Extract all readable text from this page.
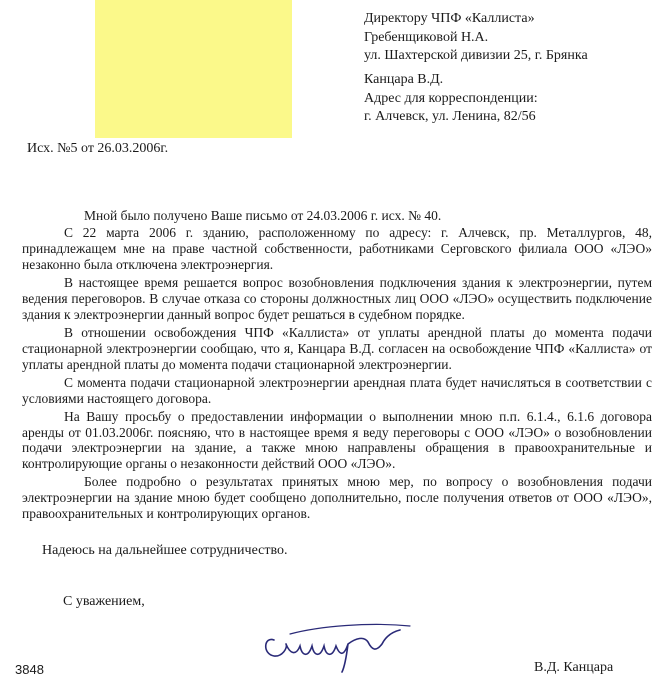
Директору ЧПФ «Каллиста»
Гребенщиковой Н.А.
ул. Шахтерской дивизии 25, г. Брянка
Канцара В.Д.
Адрес для корреспонденции:
г. Алчевск, ул. Ленина, 82/56
Исх. №5 от 26.03.2006г.

Мной было получено Ваше письмо от 24.03.2006 г. исх. № 40.

С 22 марта 2006 г. зданию, расположенному по адресу: г. Алчевск, пр. Металлургов, 48, принадлежащем мне на праве частной собственности, работниками Серговского филиала ООО «ЛЭО» незаконно была отключена электроэнергия.

В настоящее время решается вопрос возобновления подключения здания к электроэнергии, путем ведения переговоров. В случае отказа со стороны должностных лиц ООО «ЛЭО» осуществить подключение здания к электроэнергии данный вопрос будет решаться в судебном порядке.

В отношении освобождения ЧПФ «Каллиста» от уплаты арендной платы до момента подачи стационарной электроэнергии сообщаю, что я, Канцара В.Д. согласен на освобождение ЧПФ «Каллиста» от уплаты арендной платы до момента подачи стационарной электроэнергии.

С момента подачи стационарной электроэнергии арендная плата будет начисляться в соответствии с условиями настоящего договора.

На Вашу просьбу о предоставлении информации о выполнении мною п.п. 6.1.4., 6.1.6 договора аренды от 01.03.2006г. поясняю, что в настоящее время я веду переговоры с ООО «ЛЭО» о возобновлении подачи электроэнергии на здание, а также мною направлены обращения в правоохранительные и контролирующие органы о незаконности действий ООО «ЛЭО».

Более подробно о результатах принятых мною мер, по вопросу о возобновления подачи электроэнергии на здание мною будет сообщено дополнительно, после получения ответов от ООО «ЛЭО», правоохранительных и контролирующих органов.

Надеюсь на дальнейшее сотрудничество.
С уважением,
В.Д. Канцара
3848
